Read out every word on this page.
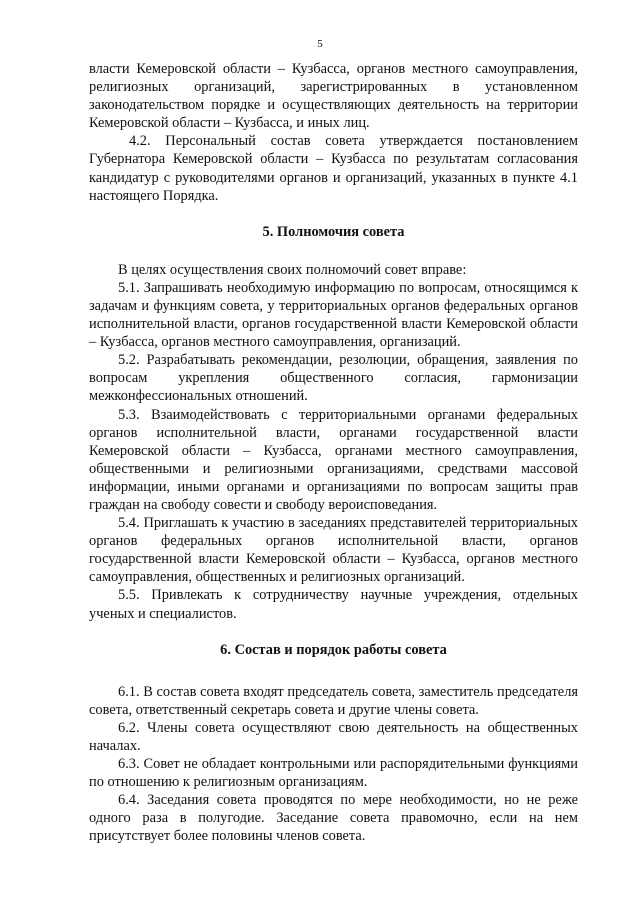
5

власти Кемеровской области – Кузбасса, органов местного самоуправления, религиозных организаций, зарегистрированных в установленном законодательством порядке и осуществляющих деятельность на территории Кемеровской области – Кузбасса, и иных лиц.

4.2. Персональный состав совета утверждается постановлением Губернатора Кемеровской области – Кузбасса по результатам согласования кандидатур с руководителями органов и организаций, указанных в пункте 4.1 настоящего Порядка.

5. Полномочия совета

В целях осуществления своих полномочий совет вправе:

5.1. Запрашивать необходимую информацию по вопросам, относящимся к задачам и функциям совета, у территориальных органов федеральных органов исполнительной власти, органов государственной власти Кемеровской области – Кузбасса, органов местного самоуправления, организаций.

5.2. Разрабатывать рекомендации, резолюции, обращения, заявления по вопросам укрепления общественного согласия, гармонизации межконфессиональных отношений.

5.3. Взаимодействовать с территориальными органами федеральных органов исполнительной власти, органами государственной власти Кемеровской области – Кузбасса, органами местного самоуправления, общественными и религиозными организациями, средствами массовой информации, иными органами и организациями по вопросам защиты прав граждан на свободу совести и свободу вероисповедания.

5.4. Приглашать к участию в заседаниях представителей территориальных органов федеральных органов исполнительной власти, органов государственной власти Кемеровской области – Кузбасса, органов местного самоуправления, общественных и религиозных организаций.

5.5. Привлекать к сотрудничеству научные учреждения, отдельных ученых и специалистов.

6. Состав и порядок работы совета

6.1. В состав совета входят председатель совета, заместитель председателя совета, ответственный секретарь совета и другие члены совета.

6.2. Члены совета осуществляют свою деятельность на общественных началах.

6.3. Совет не обладает контрольными или распорядительными функциями по отношению к религиозным организациям.

6.4. Заседания совета проводятся по мере необходимости, но не реже одного раза в полугодие. Заседание совета правомочно, если на нем присутствует более половины членов совета.
